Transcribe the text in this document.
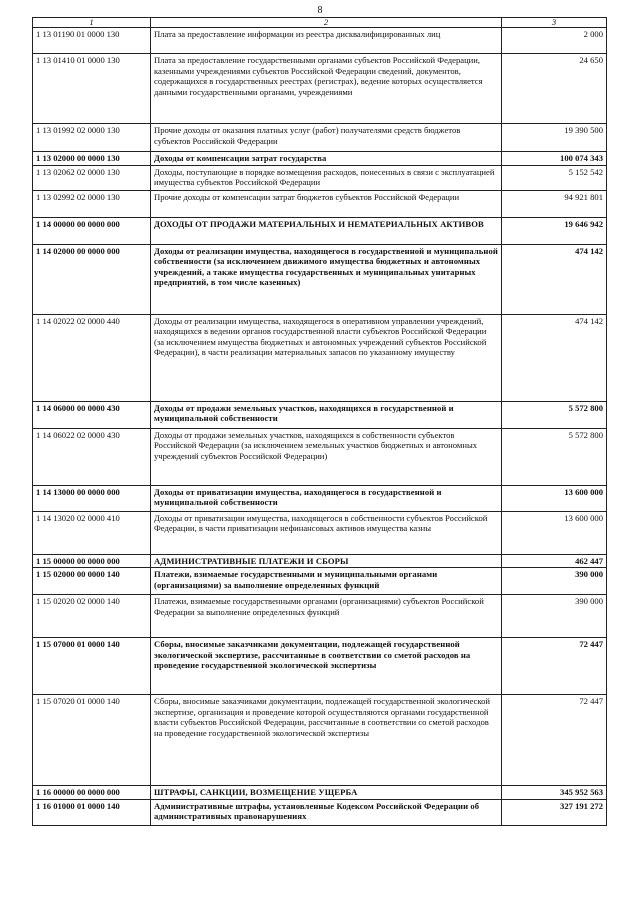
8
1	2	3
1 13 01190 01 0000 130	Плата за предоставление информации из реестра дисквалифицированных лиц	2 000
1 13 01410 01 0000 130	Плата за предоставление государственными органами субъектов Российской Федерации, казенными учреждениями субъектов Российской Федерации сведений, документов, содержащихся в государственных реестрах (регистрах), ведение которых осуществляется данными государственными органами, учреждениями	24 650
1 13 01992 02 0000 130	Прочие доходы от оказания платных услуг (работ) получателями средств бюджетов субъектов Российской Федерации	19 390 500
1 13 02000 00 0000 130	Доходы от компенсации затрат государства	100 074 343
1 13 02062 02 0000 130	Доходы, поступающие в порядке возмещения расходов, понесенных в связи с эксплуатацией имущества субъектов Российской Федерации	5 152 542
1 13 02992 02 0000 130	Прочие доходы от компенсации затрат бюджетов субъектов Российской Федерации	94 921 801
1 14 00000 00 0000 000	ДОХОДЫ ОТ ПРОДАЖИ МАТЕРИАЛЬНЫХ И НЕМАТЕРИАЛЬНЫХ АКТИВОВ	19 646 942
1 14 02000 00 0000 000	Доходы от реализации имущества, находящегося в государственной и муниципальной собственности (за исключением движимого имущества бюджетных и автономных учреждений, а также имущества государственных и муниципальных унитарных предприятий, в том числе казенных)	474 142
1 14 02022 02 0000 440	Доходы от реализации имущества, находящегося в оперативном управлении учреждений, находящихся в ведении органов государственной власти субъектов Российской Федерации (за исключением имущества бюджетных и автономных учреждений субъектов Российской Федерации), в части реализации материальных запасов по указанному имуществу	474 142
1 14 06000 00 0000 430	Доходы от продажи земельных участков, находящихся в государственной и муниципальной собственности	5 572 800
1 14 06022 02 0000 430	Доходы от продажи земельных участков, находящихся в собственности субъектов Российской Федерации (за исключением земельных участков бюджетных и автономных учреждений субъектов Российской Федерации)	5 572 800
1 14 13000 00 0000 000	Доходы от приватизации имущества, находящегося в государственной и муниципальной собственности	13 600 000
1 14 13020 02 0000 410	Доходы от приватизации имущества, находящегося в собственности субъектов Российской Федерации, в части приватизации нефинансовых активов имущества казны	13 600 000
1 15 00000 00 0000 000	АДМИНИСТРАТИВНЫЕ ПЛАТЕЖИ И СБОРЫ	462 447
1 15 02000 00 0000 140	Платежи, взимаемые государственными и муниципальными органами (организациями) за выполнение определенных функций	390 000
1 15 02020 02 0000 140	Платежи, взимаемые государственными органами (организациями) субъектов Российской Федерации за выполнение определенных функций	390 000
1 15 07000 01 0000 140	Сборы, вносимые заказчиками документации, подлежащей государственной экологической экспертизе, рассчитанные в соответствии со сметой расходов на проведение государственной экологической экспертизы	72 447
1 15 07020 01 0000 140	Сборы, вносимые заказчиками документации, подлежащей государственной экологической экспертизе, организация и проведение которой осуществляются органами государственной власти субъектов Российской Федерации, рассчитанные в соответствии со сметой расходов на проведение государственной экологической экспертизы	72 447
1 16 00000 00 0000 000	ШТРАФЫ, САНКЦИИ, ВОЗМЕЩЕНИЕ УЩЕРБА	345 952 563
1 16 01000 01 0000 140	Административные штрафы, установленные Кодексом Российской Федерации об административных правонарушениях	327 191 272
